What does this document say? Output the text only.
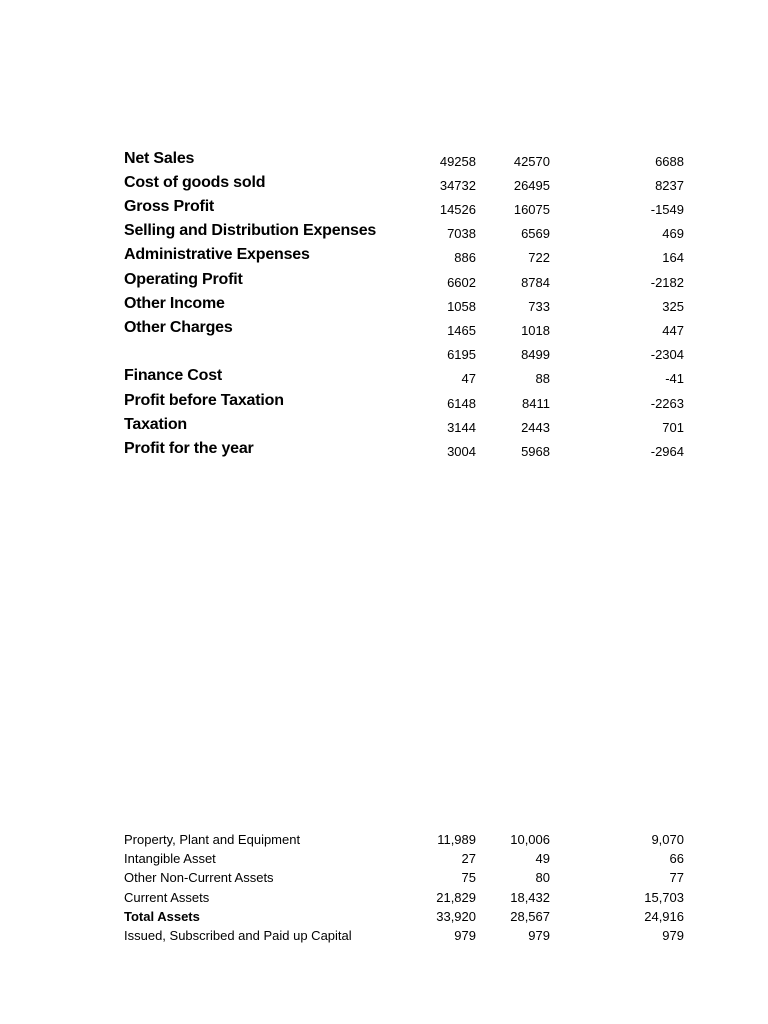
Net Sales	49258	42570	6688
Cost of goods sold	34732	26495	8237
Gross Profit	14526	16075	-1549
Selling and Distribution Expenses	7038	6569	469
Administrative Expenses	886	722	164
Operating Profit	6602	8784	-2182
Other Income	1058	733	325
Other Charges	1465	1018	447
6195	8499	-2304
Finance Cost	47	88	-41
Profit before Taxation	6148	8411	-2263
Taxation	3144	2443	701
Profit for the year	3004	5968	-2964
Property, Plant and Equipment	11,989	10,006	9,070
Intangible Asset	27	49	66
Other Non-Current Assets	75	80	77
Current Assets	21,829	18,432	15,703
Total Assets	33,920	28,567	24,916
Issued, Subscribed and Paid up Capital	979	979	979
